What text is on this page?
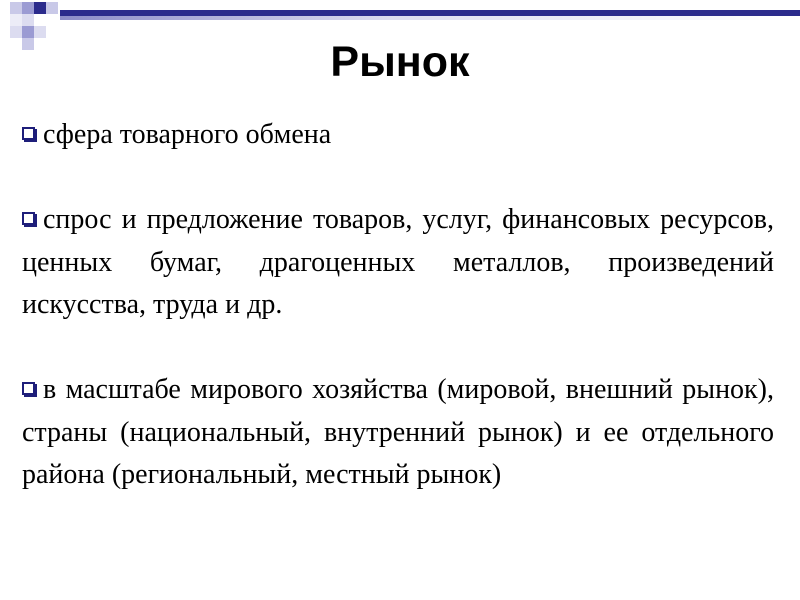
Рынок

сфера товарного обмена

спрос и предложение товаров, услуг, финансовых ресурсов, ценных бумаг, драгоценных металлов, произведений искусства, труда и др.

в масштабе мирового хозяйства (мировой, внешний рынок), страны (национальный, внутренний рынок) и ее отдельного района (региональный, местный рынок)
